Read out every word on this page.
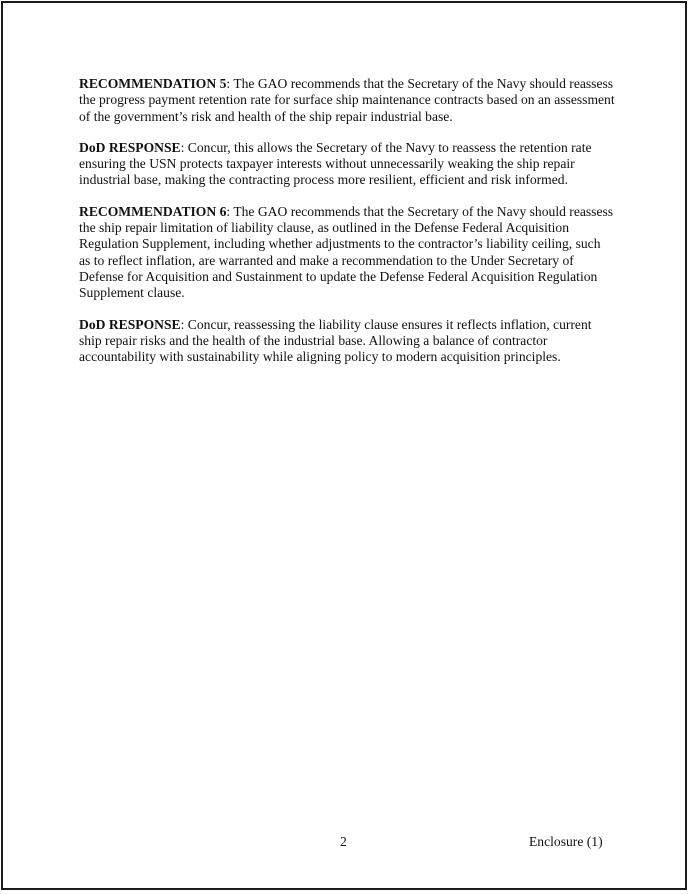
RECOMMENDATION 5: The GAO recommends that the Secretary of the Navy should reassess the progress payment retention rate for surface ship maintenance contracts based on an assessment of the government’s risk and health of the ship repair industrial base.

DoD RESPONSE: Concur, this allows the Secretary of the Navy to reassess the retention rate ensuring the USN protects taxpayer interests without unnecessarily weaking the ship repair industrial base, making the contracting process more resilient, efficient and risk informed.

RECOMMENDATION 6: The GAO recommends that the Secretary of the Navy should reassess the ship repair limitation of liability clause, as outlined in the Defense Federal Acquisition Regulation Supplement, including whether adjustments to the contractor’s liability ceiling, such as to reflect inflation, are warranted and make a recommendation to the Under Secretary of Defense for Acquisition and Sustainment to update the Defense Federal Acquisition Regulation Supplement clause.

DoD RESPONSE: Concur, reassessing the liability clause ensures it reflects inflation, current ship repair risks and the health of the industrial base. Allowing a balance of contractor accountability with sustainability while aligning policy to modern acquisition principles.

2	Enclosure (1)
